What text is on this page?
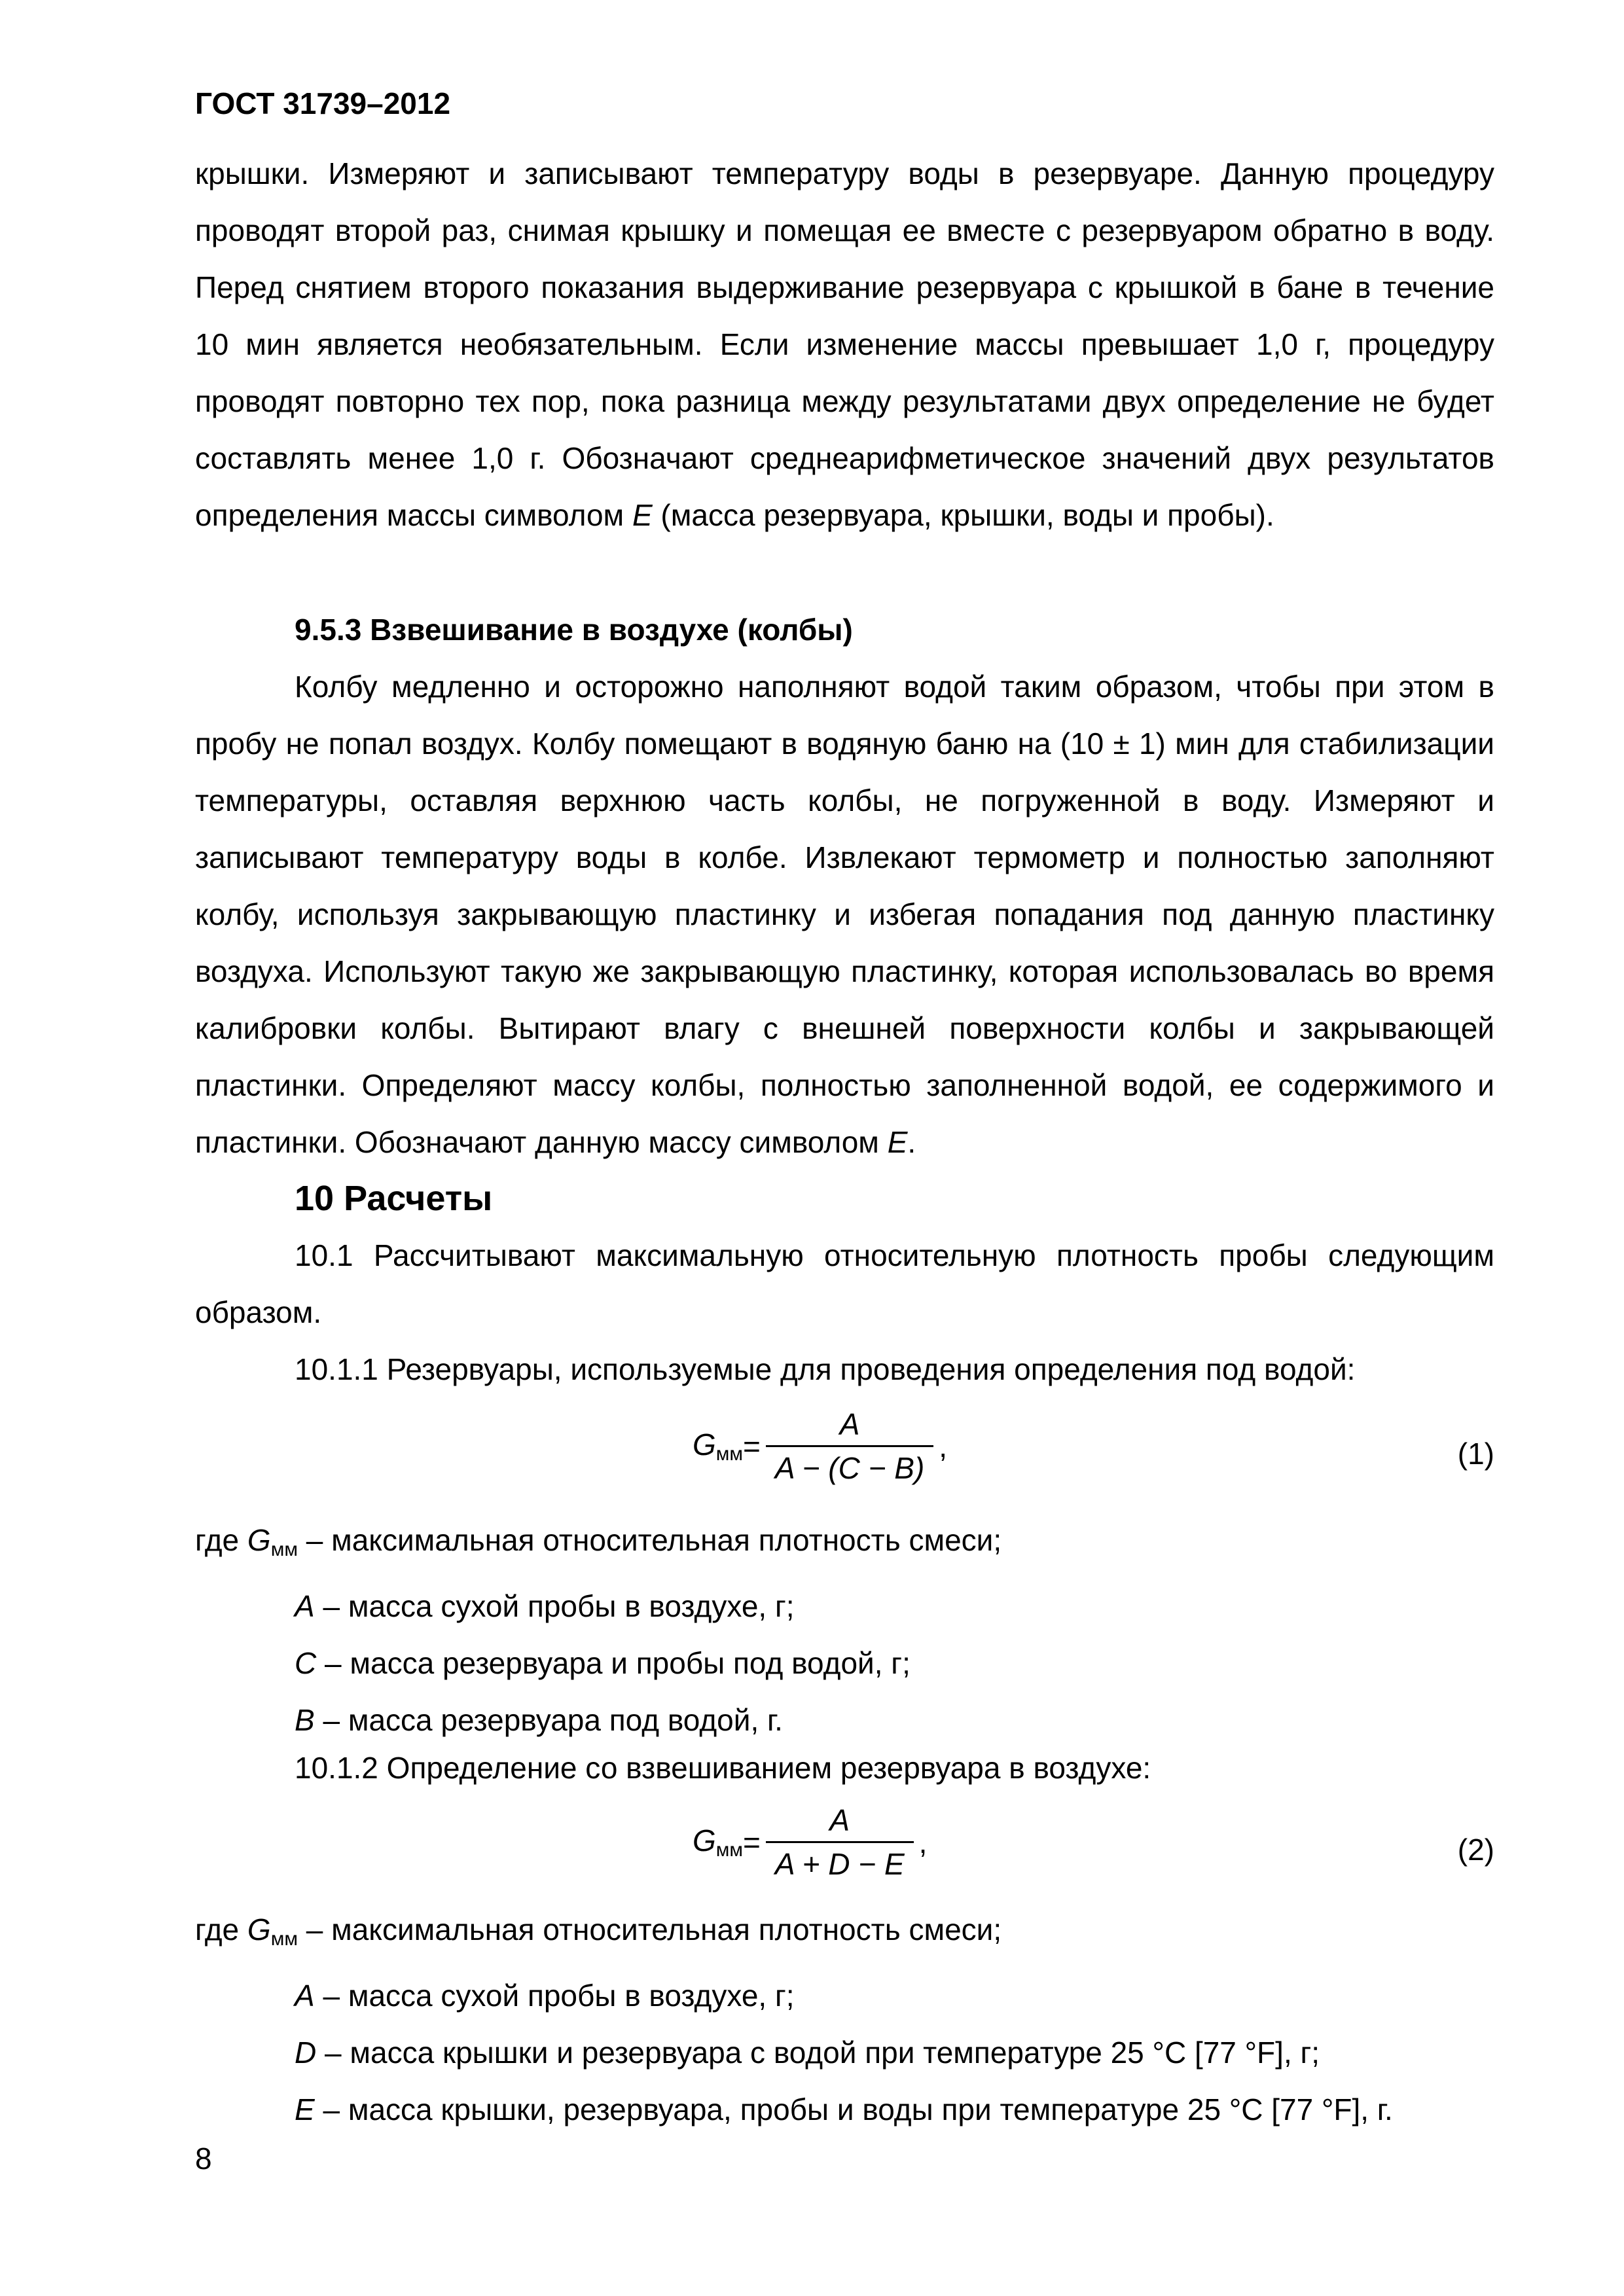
ГОСТ 31739–2012
крышки. Измеряют и записывают температуру воды в резервуаре. Данную процедуру проводят второй раз, снимая крышку и помещая ее вместе с резервуаром обратно в воду. Перед снятием второго показания выдерживание резервуара с крышкой в бане в течение 10 мин является необязательным. Если изменение массы превышает 1,0 г, процедуру проводят повторно тех пор, пока разница между результатами двух определение не будет составлять менее 1,0 г. Обозначают среднеарифметическое значений двух результатов определения массы символом E (масса резервуара, крышки, воды и пробы).
9.5.3 Взвешивание в воздухе (колбы)
Колбу медленно и осторожно наполняют водой таким образом, чтобы при этом в пробу не попал воздух. Колбу помещают в водяную баню на (10 ± 1) мин для стабилизации температуры, оставляя верхнюю часть колбы, не погруженной в воду. Измеряют и записывают температуру воды в колбе. Извлекают термометр и полностью заполняют колбу, используя закрывающую пластинку и избегая попадания под данную пластинку воздуха. Используют такую же закрывающую пластинку, которая использовалась во время калибровки колбы. Вытирают влагу с внешней поверхности колбы и закрывающей пластинки. Определяют массу колбы, полностью заполненной водой, ее содержимого и пластинки. Обозначают данную массу символом E.
10 Расчеты
10.1 Рассчитывают максимальную относительную плотность пробы следующим образом.
10.1.1 Резервуары, используемые для проведения определения под водой:
$G_{мм} = \frac{A}{A - (C - B)}$ ,	(1)
где $G_{мм}$ – максимальная относительная плотность смеси;
A – масса сухой пробы в воздухе, г;
C – масса резервуара и пробы под водой, г;
B – масса резервуара под водой, г.
10.1.2 Определение со взвешиванием резервуара в воздухе:
$G_{мм} = \frac{A}{A + D - E}$ ,	(2)
где $G_{мм}$ – максимальная относительная плотность смеси;
A – масса сухой пробы в воздухе, г;
D – масса крышки и резервуара с водой при температуре 25 °С [77 °F], г;
E – масса крышки, резервуара, пробы и воды при температуре 25 °С [77 °F], г.
8
